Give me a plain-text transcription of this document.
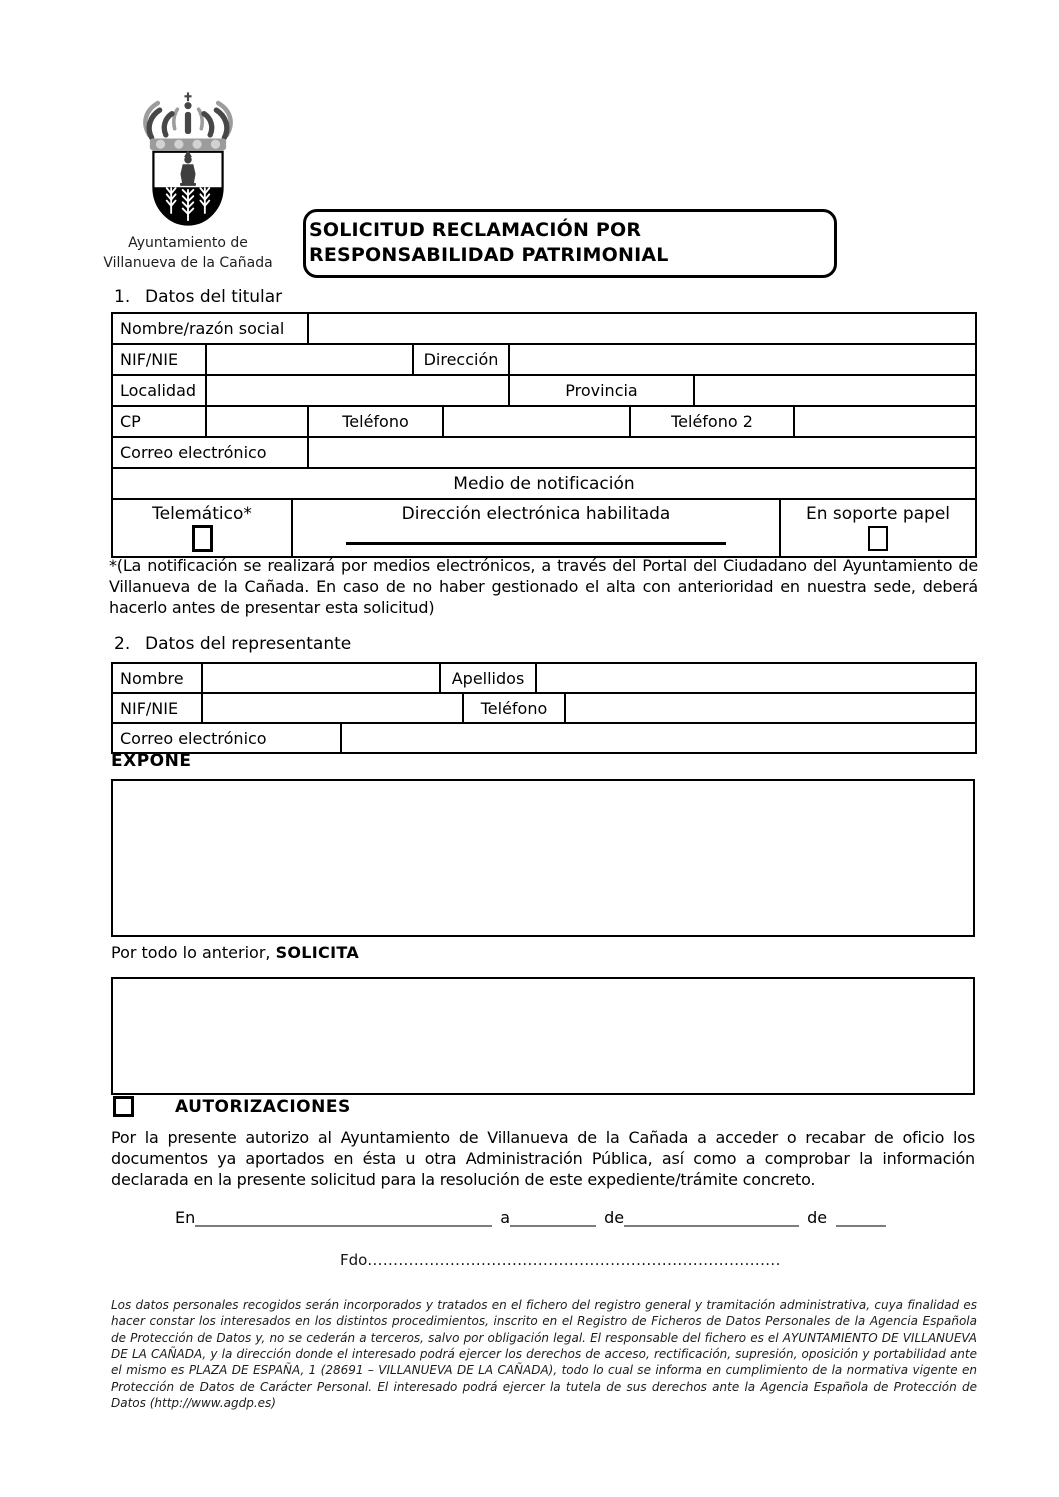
Ayuntamiento de
Villanueva de la Cañada
SOLICITUD RECLAMACIÓN POR RESPONSABILIDAD PATRIMONIAL
1. Datos del titular
Nombre/razón social										
NIF/NIE				Dirección						
Localidad						Provincia				
CP			Teléfono				Teléfono 2			
Correo electrónico										
Medio de notificación										

Telemático*		Dirección electrónica habilitada							En soporte papel	
*(La notificación se realizará por medios electrónicos, a través del Portal del Ciudadano del Ayuntamiento de Villanueva de la Cañada. En caso de no haber gestionado el alta con anterioridad en nuestra sede, deberá hacerlo antes de presentar esta solicitud)
2. Datos del representante
Nombre			Apellidos			
NIF/NIE				Teléfono		
Correo electrónico						
EXPONE
Por todo lo anterior, SOLICITA
AUTORIZACIONES
Por la presente autorizo al Ayuntamiento de Villanueva de la Cañada a acceder o recabar de oficio los documentos ya aportados en ésta u otra Administración Pública, así como a comprobar la información declarada en la presente solicitud para la resolución de este expediente/trámite concreto.
En	a	de	de
Fdo................................................................................
Los datos personales recogidos serán incorporados y tratados en el fichero del registro general y tramitación administrativa, cuya finalidad es hacer constar los interesados en los distintos procedimientos, inscrito en el Registro de Ficheros de Datos Personales de la Agencia Española de Protección de Datos y, no se cederán a terceros, salvo por obligación legal. El responsable del fichero es el AYUNTAMIENTO DE VILLANUEVA DE LA CAÑADA, y la dirección donde el interesado podrá ejercer los derechos de acceso, rectificación, supresión, oposición y portabilidad ante el mismo es PLAZA DE ESPAÑA, 1 (28691 – VILLANUEVA DE LA CAÑADA), todo lo cual se informa en cumplimiento de la normativa vigente en Protección de Datos de Carácter Personal. El interesado podrá ejercer la tutela de sus derechos ante la Agencia Española de Protección de Datos (http://www.agdp.es)
